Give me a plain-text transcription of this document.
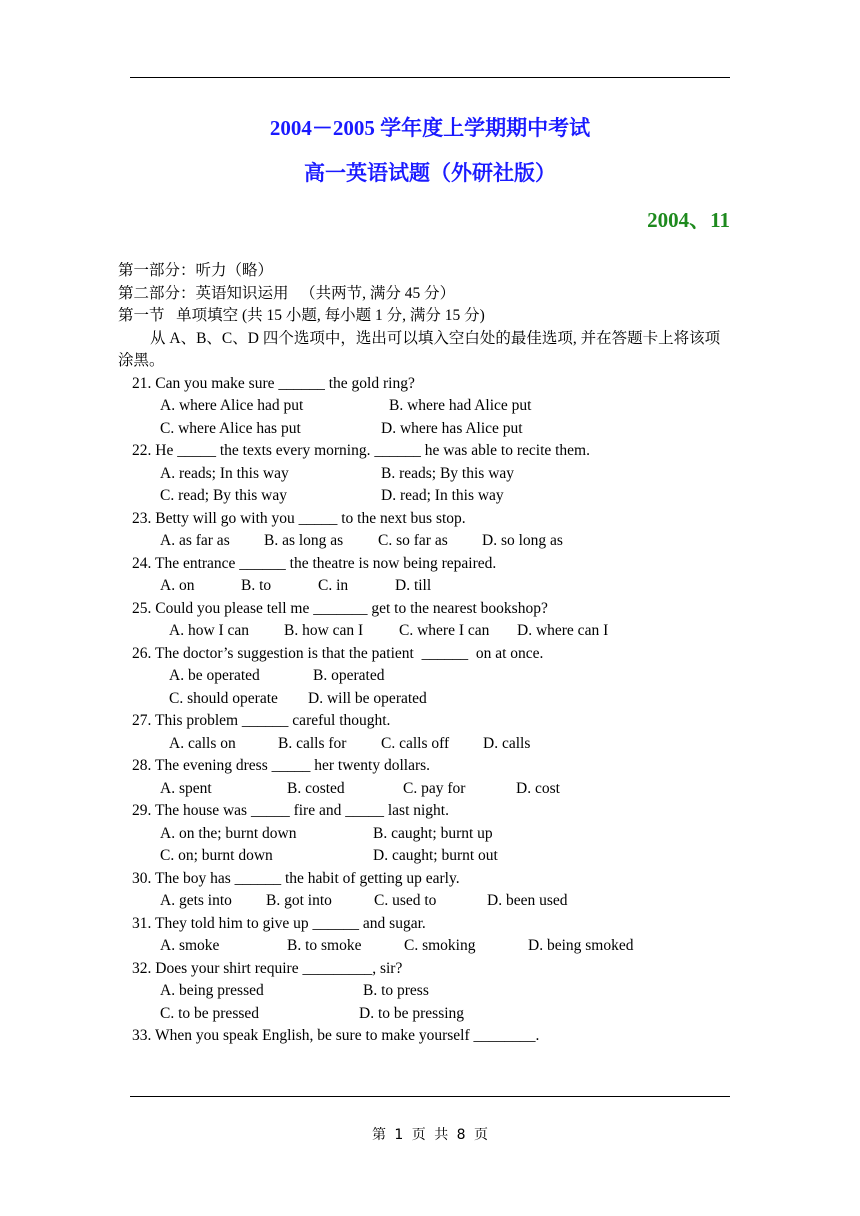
2004－2005 学年度上学期期中考试
高一英语试题（外研社版）
2004、11
第一部分：听力（略）
第二部分：英语知识运用   （共两节, 满分 45 分）
第一节   单项填空 (共 15 小题, 每小题 1 分, 满分 15 分)
从 A、B、C、D 四个选项中，选出可以填入空白处的最佳选项, 并在答题卡上将该项涂黑。
21. Can you make sure ______ the gold ring?
A. where Alice had put	B. where had Alice put
C. where Alice has put	D. where has Alice put
22. He _____ the texts every morning. ______ he was able to recite them.
A. reads; In this way	B. reads; By this way
C. read; By this way	D. read; In this way
23. Betty will go with you _____ to the next bus stop.
A. as far as B. as long as C. so far as D. so long as
24. The entrance ______ the theatre is now being repaired.
A. on	B. to	C. in	D. till
25. Could you please tell me _______ get to the nearest bookshop?
A. how I can B. how can I C. where I can D. where can I
26. The doctor’s suggestion is that the patient  ______  on at once.
A. be operated	B. operated
C. should operate D. will be operated
27. This problem ______ careful thought.
A. calls on	B. calls for C. calls off D. calls
28. The evening dress _____ her twenty dollars.
A. spent	B. costed	C. pay for	D. cost
29. The house was _____ fire and _____ last night.
A. on the; burnt down	B. caught; burnt up
C. on; burnt down	D. caught; burnt out
30. The boy has ______ the habit of getting up early.
A. gets into B. got into	C. used to	D. been used
31. They told him to give up ______ and sugar.
A. smoke	B. to smoke	C. smoking	D. being smoked
32. Does your shirt require _________, sir?
A. being pressed	B. to press
C. to be pressed	D. to be pressing
33. When you speak English, be sure to make yourself ________.
第 1 页 共 8 页
